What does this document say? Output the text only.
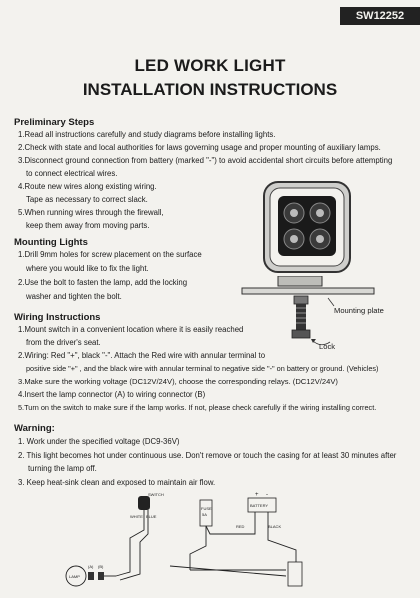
SW12252
LED WORK LIGHT
INSTALLATION INSTRUCTIONS
Preliminary Steps
1.Read all instructions carefully and study diagrams before installing lights.
2.Check with state and local authorities for laws governing usage and proper mounting of auxiliary lamps.
3.Disconnect ground connection from battery (marked "-") to avoid accidental short circuits before attempting
to connect electrical wires.
4.Route new wires along existing wiring.
Tape as necessary to correct slack.
5.When running wires through the firewall,
keep them away from moving parts.
Mounting Lights
1.Drill 9mm holes for screw placement on the surface
where you would like to fix the light.
2.Use the bolt to fasten the lamp, add the locking
washer and tighten the bolt.
Mounting plate
Lock
Wiring Instructions
1.Mount switch in a convenient location where it is easily reached
from the driver's seat.
2.Wiring: Red "+", black "-". Attach the Red wire with annular terminal to
positive side "+" , and the black wire with annular terminal to negative side "-" on battery or ground. (Vehicles)
3.Make sure the working voltage (DC12V/24V), choose the corresponding relays. (DC12V/24V)
4.Insert the lamp connector (A) to wiring connector (B)
5.Turn on the switch to make sure if the lamp works. If not, please check carefully if the wiring installing correct.
Warning:
1. Work under the specified voltage (DC9-36V)
2. This light becomes hot under continuous use. Don't remove or touch the casing for at least 30 minutes after
turning the lamp off.
3. Keep heat-sink clean and exposed to maintain air flow.
SWITCH
WHITE BLUE
FUSE
5A
BATTERY
+ -
RED	BLACK
LAMP
(A) (B)
